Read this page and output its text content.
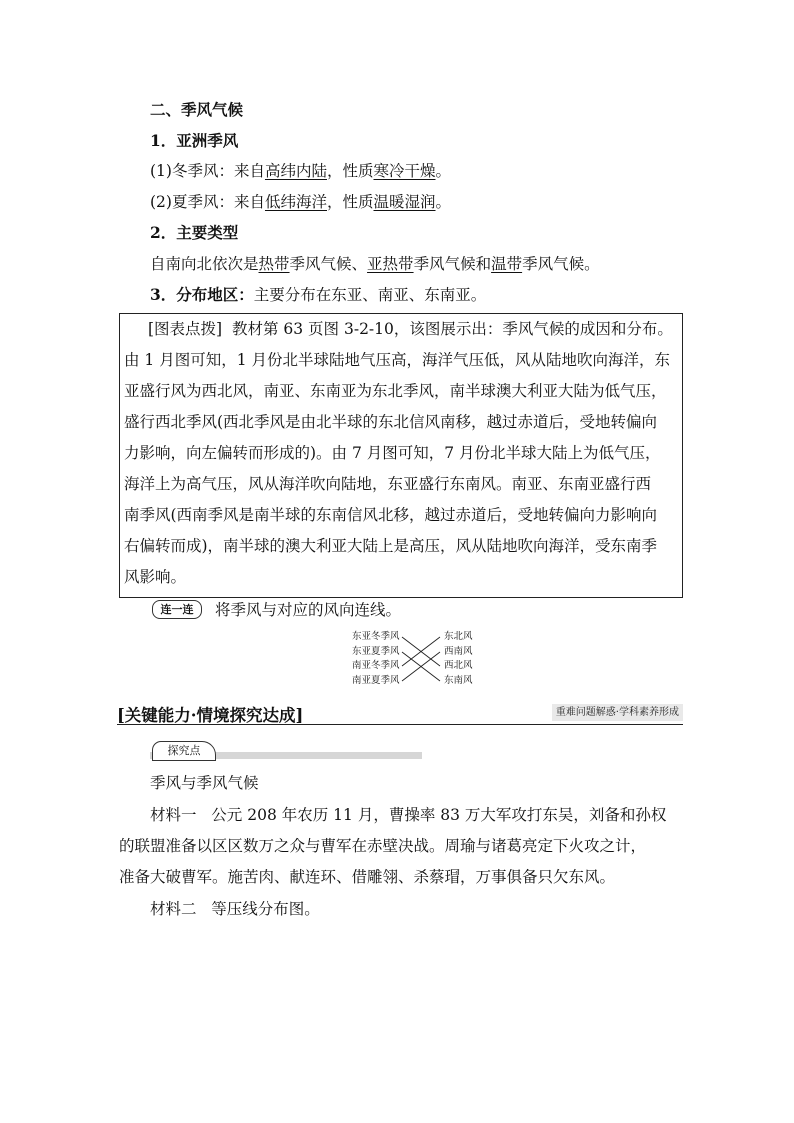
二、季风气候
1．亚洲季风
(1)冬季风：来自高纬内陆，性质寒冷干燥。
(2)夏季风：来自低纬海洋，性质温暖湿润。
2．主要类型
自南向北依次是热带季风气候、亚热带季风气候和温带季风气候。
3．分布地区：主要分布在东亚、南亚、东南亚。
[图表点拨] 教材第 63 页图 3-2-10，该图展示出：季风气候的成因和分布。
由 1 月图可知，1 月份北半球陆地气压高，海洋气压低，风从陆地吹向海洋，东
亚盛行风为西北风，南亚、东南亚为东北季风，南半球澳大利亚大陆为低气压，
盛行西北季风(西北季风是由北半球的东北信风南移，越过赤道后，受地转偏向
力影响，向左偏转而形成的)。由 7 月图可知，7 月份北半球大陆上为低气压，
海洋上为高气压，风从海洋吹向陆地，东亚盛行东南风。南亚、东南亚盛行西
南季风(西南季风是南半球的东南信风北移，越过赤道后，受地转偏向力影响向
右偏转而成)，南半球的澳大利亚大陆上是高压，风从陆地吹向海洋，受东南季
风影响。
连一连	将季风与对应的风向连线。
东亚冬季风
东亚夏季风
南亚冬季风
南亚夏季风
东北风
西南风
西北风
东南风
[关键能力·情境探究达成]	重难问题解惑·学科素养形成
探究点
季风与季风气候
材料一 公元 208 年农历 11 月，曹操率 83 万大军攻打东吴，刘备和孙权
的联盟准备以区区数万之众与曹军在赤壁决战。周瑜与诸葛亮定下火攻之计，
准备大破曹军。施苦肉、献连环、借雕翎、杀蔡瑁，万事俱备只欠东风。
材料二 等压线分布图。
